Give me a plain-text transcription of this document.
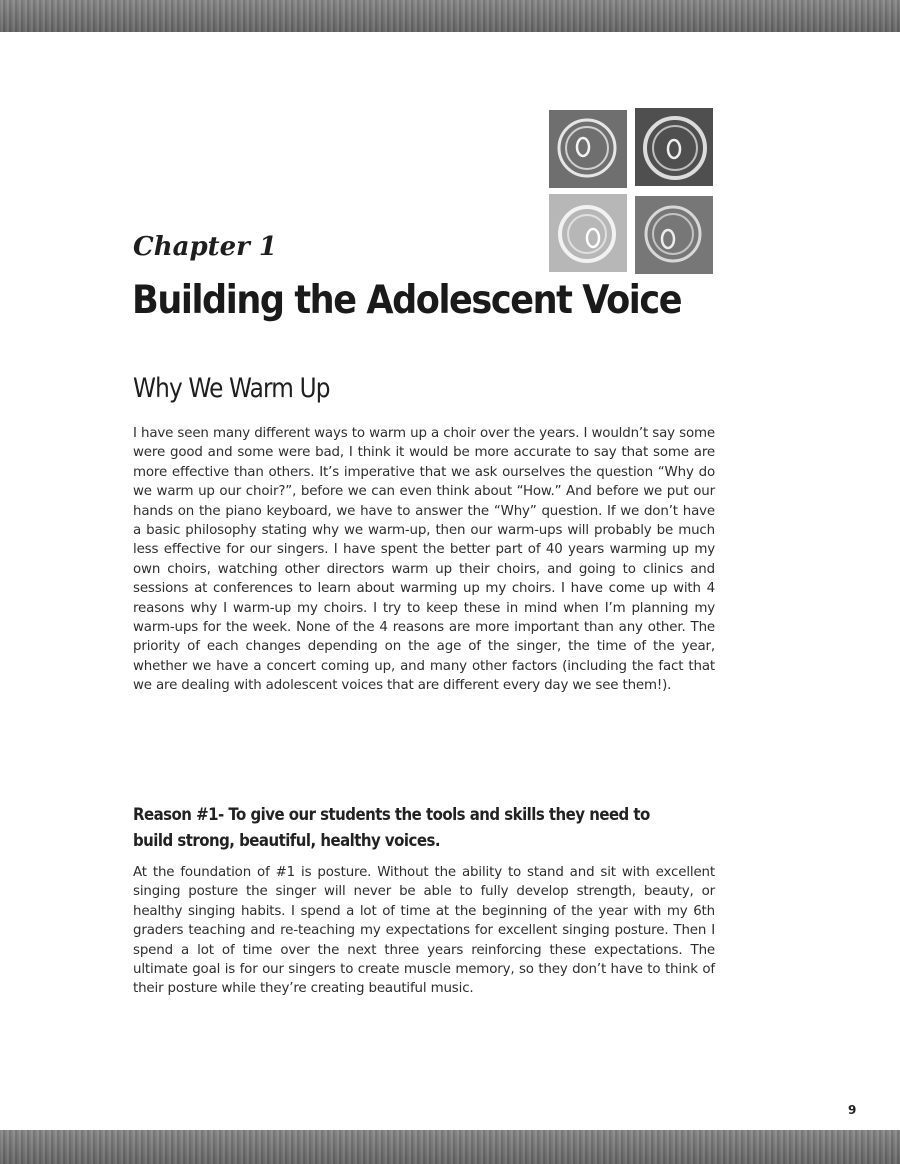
Chapter 1
Building the Adolescent Voice
Why We Warm Up

I have seen many different ways to warm up a choir over the years. I wouldn’t say some were good and some were bad, I think it would be more accurate to say that some are more effective than others. It’s imperative that we ask ourselves the question “Why do we warm up our choir?”, before we can even think about “How.” And before we put our hands on the piano keyboard, we have to answer the “Why” question. If we don’t have a basic philosophy stating why we warm-up, then our warm-ups will probably be much less effective for our singers. I have spent the better part of 40 years warming up my own choirs, watching other directors warm up their choirs, and going to clinics and sessions at conferences to learn about warming up my choirs. I have come up with 4 reasons why I warm-up my choirs. I try to keep these in mind when I’m planning my warm-ups for the week. None of the 4 reasons are more important than any other. The priority of each changes depending on the age of the singer, the time of the year, whether we have a concert coming up, and many other factors (including the fact that we are dealing with adolescent voices that are different every day we see them!).

Reason #1- To give our students the tools and skills they need to build strong, beautiful, healthy voices.

At the foundation of #1 is posture. Without the ability to stand and sit with excellent singing posture the singer will never be able to fully develop strength, beauty, or healthy singing habits. I spend a lot of time at the beginning of the year with my 6th graders teaching and re-teaching my expectations for excellent singing posture. Then I spend a lot of time over the next three years reinforcing these expectations. The ultimate goal is for our singers to create muscle memory, so they don’t have to think of their posture while they’re creating beautiful music.

9
